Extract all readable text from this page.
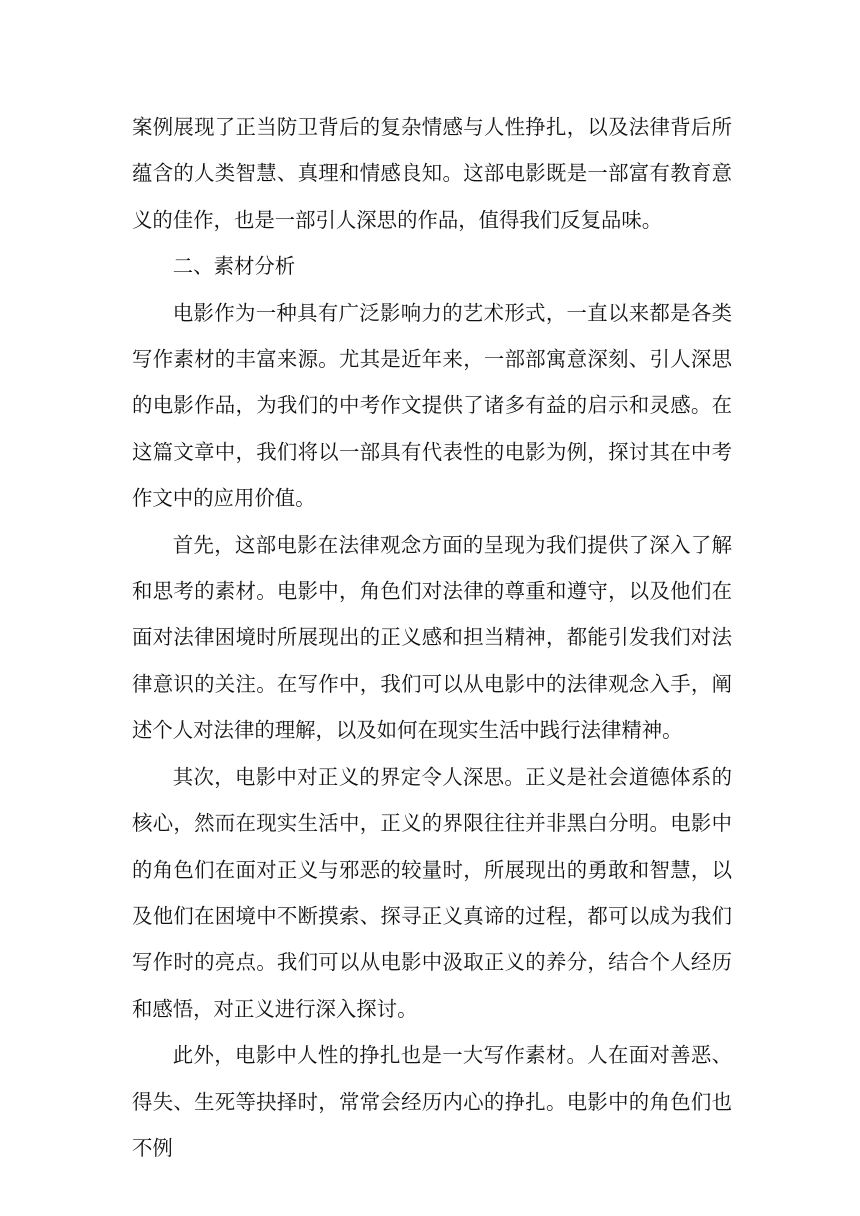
案例展现了正当防卫背后的复杂情感与人性挣扎，以及法律背后所蕴含的人类智慧、真理和情感良知。这部电影既是一部富有教育意义的佳作，也是一部引人深思的作品，值得我们反复品味。

二、素材分析

电影作为一种具有广泛影响力的艺术形式，一直以来都是各类写作素材的丰富来源。尤其是近年来，一部部寓意深刻、引人深思的电影作品，为我们的中考作文提供了诸多有益的启示和灵感。在这篇文章中，我们将以一部具有代表性的电影为例，探讨其在中考作文中的应用价值。

首先，这部电影在法律观念方面的呈现为我们提供了深入了解和思考的素材。电影中，角色们对法律的尊重和遵守，以及他们在面对法律困境时所展现出的正义感和担当精神，都能引发我们对法律意识的关注。在写作中，我们可以从电影中的法律观念入手，阐述个人对法律的理解，以及如何在现实生活中践行法律精神。

其次，电影中对正义的界定令人深思。正义是社会道德体系的核心，然而在现实生活中，正义的界限往往并非黑白分明。电影中的角色们在面对正义与邪恶的较量时，所展现出的勇敢和智慧，以及他们在困境中不断摸索、探寻正义真谛的过程，都可以成为我们写作时的亮点。我们可以从电影中汲取正义的养分，结合个人经历和感悟，对正义进行深入探讨。

此外，电影中人性的挣扎也是一大写作素材。人在面对善恶、得失、生死等抉择时，常常会经历内心的挣扎。电影中的角色们也不例
